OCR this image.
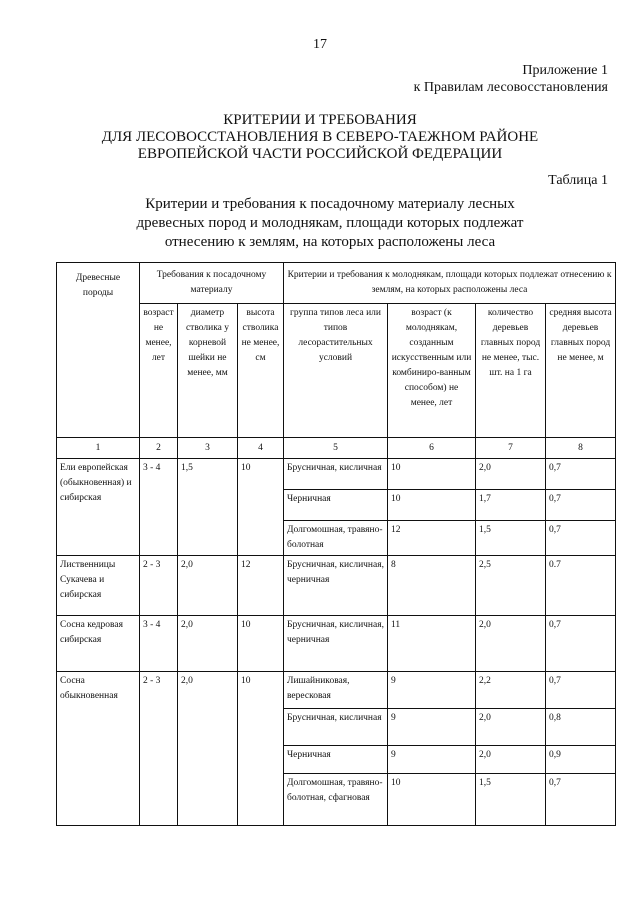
17
Приложение 1
к Правилам лесовосстановления
КРИТЕРИИ И ТРЕБОВАНИЯ
ДЛЯ ЛЕСОВОССТАНОВЛЕНИЯ В СЕВЕРО-ТАЕЖНОМ РАЙОНЕ
ЕВРОПЕЙСКОЙ ЧАСТИ РОССИЙСКОЙ ФЕДЕРАЦИИ
Таблица 1
Критерии и требования к посадочному материалу лесных древесных пород и молоднякам, площади которых подлежат отнесению к землям, на которых расположены леса
Древесные породы	Требования к посадочному материалу			Критерии и требования к молоднякам, площади которых подлежат отнесению к землям, на которых расположены леса			
	возраст не менее, лет	диаметр стволика у корневой шейки не менее, мм	высота стволика не менее, см	группа типов леса или типов лесорастительных условий	возраст (к молоднякам, созданным искусственным или комбиниро-ванным способом) не менее, лет	количество деревьев главных пород не менее, тыс. шт. на 1 га	средняя высота деревьев главных пород не менее, м
1	2	3	4	5	6	7	8
Ели европейская (обыкновенная) и сибирская	3 - 4	1,5	10	Брусничная, кисличная	10	2,0	0,7
				Черничная	10	1,7	0,7
				Долгомошная, травяно-болотная	12	1,5	0,7
Лиственницы Сукачева и сибирская	2 - 3	2,0	12	Брусничная, кисличная, черничная	8	2,5	0.7
Сосна кедровая сибирская	3 - 4	2,0	10	Брусничная, кисличная, черничная	11	2,0	0,7
Сосна обыкновенная	2 - 3	2,0	10	Лишайниковая, вересковая	9	2,2	0,7
				Брусничная, кисличная	9	2,0	0,8
				Черничная	9	2,0	0,9
				Долгомошная, травяно-болотная, сфагновая	10	1,5	0,7
